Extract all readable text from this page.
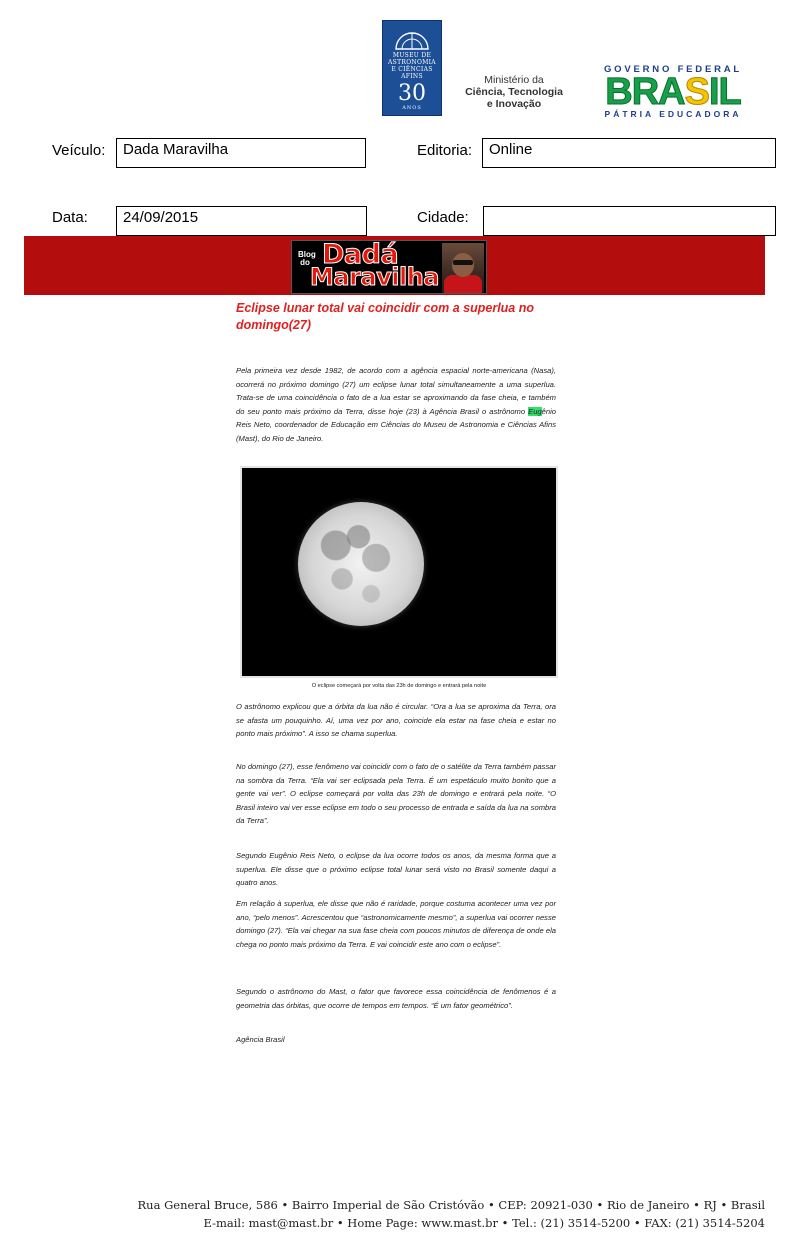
MUSEU DE ASTRONOMIA E CIÊNCIAS AFINS
30
ANOS
Ministério da
Ciência, Tecnologia
e Inovação
GOVERNO FEDERAL
BRASIL
PÁTRIA EDUCADORA
Veículo:	Dada Maravilha	Editoria:	Online
Data:	24/09/2015	Cidade:
Blog do Dadá
Maravilha
Eclipse lunar total vai coincidir com a superlua no domingo(27)
Pela primeira vez desde 1982, de acordo com a agência espacial norte-americana (Nasa), ocorrerá no próximo domingo (27) um eclipse lunar total simultaneamente a uma superlua. Trata-se de uma coincidência o fato de a lua estar se aproximando da fase cheia, e também do seu ponto mais próximo da Terra, disse hoje (23) à Agência Brasil o astrônomo Eugênio Reis Neto, coordenador de Educação em Ciências do Museu de Astronomia e Ciências Afins (Mast), do Rio de Janeiro.
O eclipse começará por volta das 23h de domingo e entrará pela noite
O astrônomo explicou que a órbita da lua não é circular. “Ora a lua se aproxima da Terra, ora se afasta um pouquinho. Aí, uma vez por ano, coincide ela estar na fase cheia e estar no ponto mais próximo”. A isso se chama superlua.
No domingo (27), esse fenômeno vai coincidir com o fato de o satélite da Terra também passar na sombra da Terra. “Ela vai ser eclipsada pela Terra. É um espetáculo muito bonito que a gente vai ver”. O eclipse começará por volta das 23h de domingo e entrará pela noite. “O Brasil inteiro vai ver esse eclipse em todo o seu processo de entrada e saída da lua na sombra da Terra”.
Segundo Eugênio Reis Neto, o eclipse da lua ocorre todos os anos, da mesma forma que a superlua. Ele disse que o próximo eclipse total lunar será visto no Brasil somente daqui a quatro anos.
Em relação à superlua, ele disse que não é raridade, porque costuma acontecer uma vez por ano, “pelo menos”. Acrescentou que “astronomicamente mesmo”, a superlua vai ocorrer nesse domingo (27). “Ela vai chegar na sua fase cheia com poucos minutos de diferença de onde ela chega no ponto mais próximo da Terra. E vai coincidir este ano com o eclipse”.
Segundo o astrônomo do Mast, o fator que favorece essa coincidência de fenômenos é a geometria das órbitas, que ocorre de tempos em tempos. “É um fator geométrico”.
Agência Brasil
Rua General Bruce, 586 • Bairro Imperial de São Cristóvão • CEP: 20921-030 • Rio de Janeiro • RJ • Brasil
E-mail: mast@mast.br • Home Page: www.mast.br • Tel.: (21) 3514-5200 • FAX: (21) 3514-5204
